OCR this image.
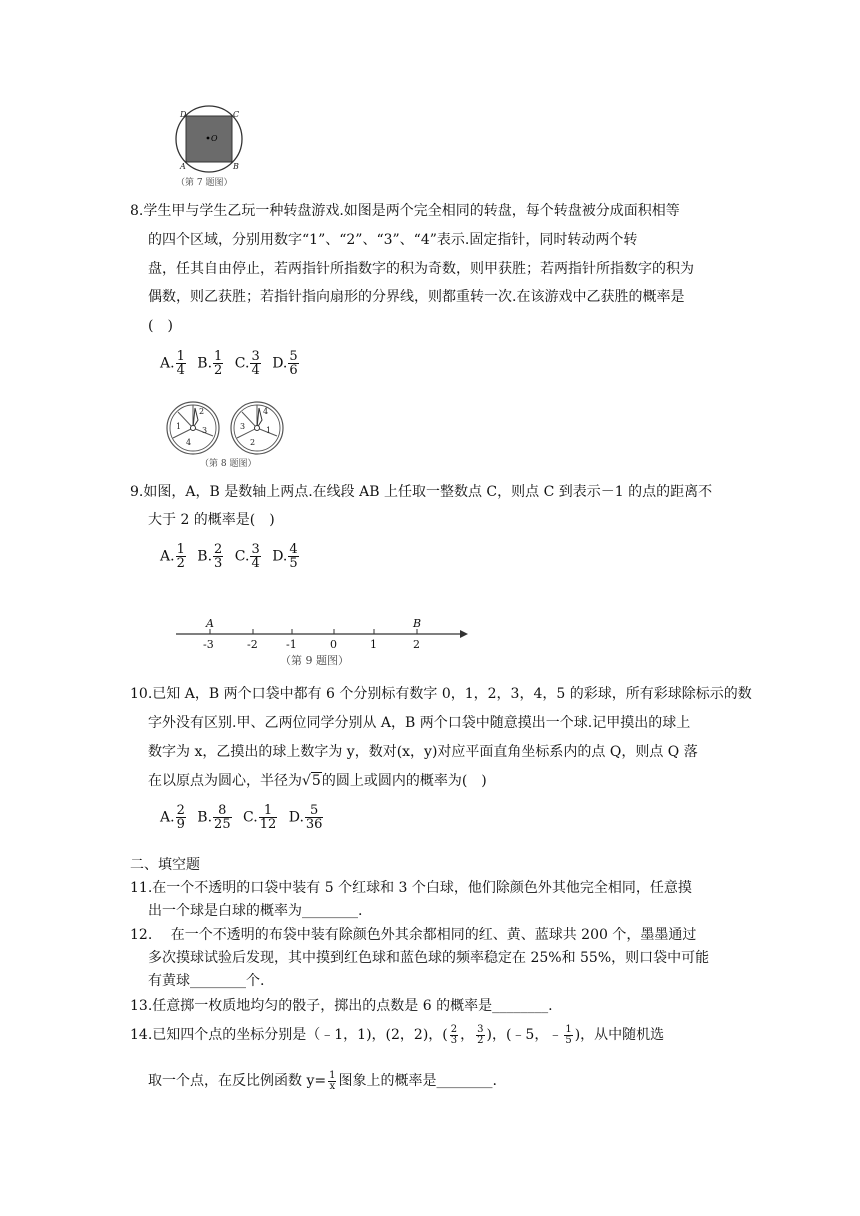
D	C
A	B
O
（第 7 题图）
8.学生甲与学生乙玩一种转盘游戏.如图是两个完全相同的转盘，每个转盘被分成面积相等
的四个区域，分别用数字“1”、“2”、“3”、“4”表示.固定指针，同时转动两个转
盘，任其自由停止，若两指针所指数字的积为奇数，则甲获胜；若两指针所指数字的积为
偶数，则乙获胜；若指针指向扇形的分界线，则都重转一次.在该游戏中乙获胜的概率是
(　)
A. $\frac{1}{4} B$. $\frac{1}{2} C$. $\frac{3}{4} D$. $\frac{5}{6}$
1
2
3
4
3
4
1
2
（第 8 题图）
9.如图，A，B 是数轴上两点.在线段 AB 上任取一整数点 C，则点 C 到表示－1 的点的距离不
大于 2 的概率是(　)
A. $\frac{1}{2} B$. $\frac{2}{3} C$. $\frac{3}{4} D$. $\frac{4}{5}$
A	B
-3	-2	-1	0	1	2
（第 9 题图）
10.已知 A，B 两个口袋中都有 6 个分别标有数字 0，1，2，3，4，5 的彩球，所有彩球除标示的数
字外没有区别.甲、乙两位同学分别从 A，B 两个口袋中随意摸出一个球.记甲摸出的球上
数字为 x，乙摸出的球上数字为 y，数对(x，y)对应平面直角坐标系内的点 Q，则点 Q 落
在以原点为圆心，半径为√5的圆上或圆内的概率为(　)
A. $\frac{2}{9} B$. $\frac{8}{25} C$. $\frac{1}{12} D$. $\frac{5}{36}$
二、填空题
11.在一个不透明的口袋中装有 5 个红球和 3 个白球，他们除颜色外其他完全相同，任意摸
出一个球是白球的概率为________.
12.　 在一个不透明的布袋中装有除颜色外其余都相同的红、黄、蓝球共 200 个，墨墨通过
多次摸球试验后发现，其中摸到红色球和蓝色球的频率稳定在 25%和 55%，则口袋中可能
有黄球________个.
13.任意掷一枚质地均匀的骰子，掷出的点数是 6 的概率是________.
14.已知四个点的坐标分别是（﹣1，1)，(2，2)，( $\frac{2}{3}$ ， $\frac{3}{2}$ )，(﹣5，﹣ $\frac{1}{5}$ )，从中随机选
取一个点，在反比例函数 $y= \frac{1}{x}$ 图象上的概率是________.
